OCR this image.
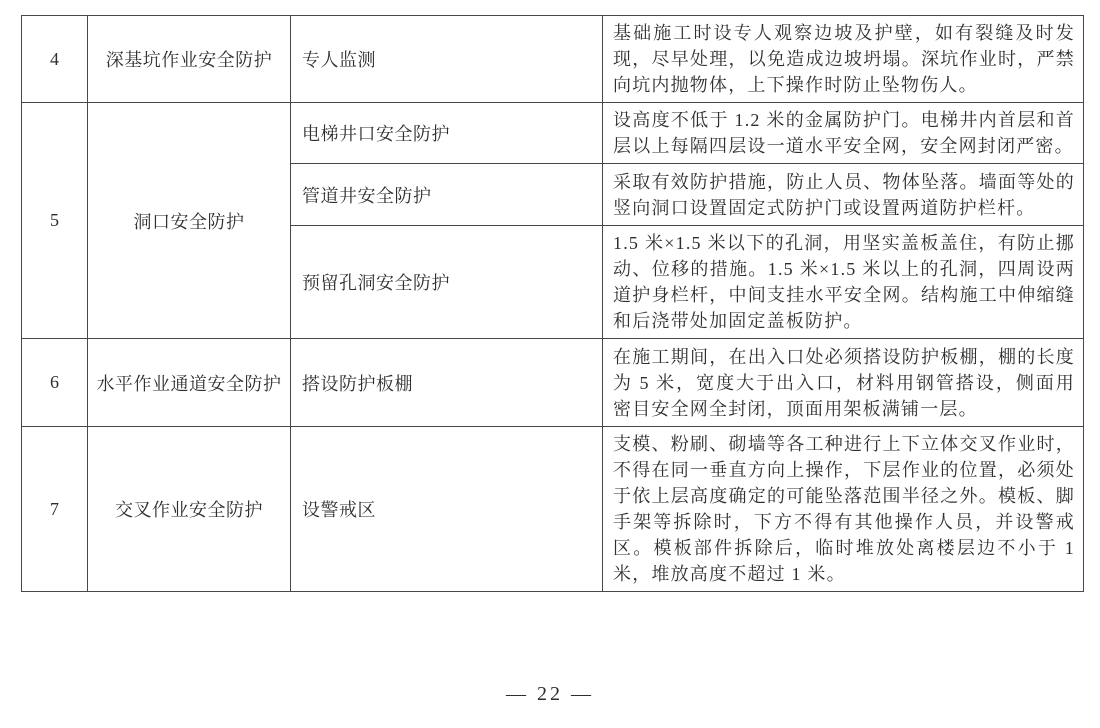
4	深基坑作业安全防护	专人监测	基础施工时设专人观察边坡及护壁，如有裂缝及时发现，尽早处理，以免造成边坡坍塌。深坑作业时，严禁向坑内抛物体，上下操作时防止坠物伤人。
5	洞口安全防护	电梯井口安全防护	设高度不低于 1.2 米的金属防护门。电梯井内首层和首层以上每隔四层设一道水平安全网，安全网封闭严密。
		管道井安全防护	采取有效防护措施，防止人员、物体坠落。墙面等处的竖向洞口设置固定式防护门或设置两道防护栏杆。
		预留孔洞安全防护	1.5 米×1.5 米以下的孔洞，用坚实盖板盖住，有防止挪动、位移的措施。1.5 米×1.5 米以上的孔洞，四周设两道护身栏杆，中间支挂水平安全网。结构施工中伸缩缝和后浇带处加固定盖板防护。
6	水平作业通道安全防护	搭设防护板棚	在施工期间，在出入口处必须搭设防护板棚，棚的长度为 5 米，宽度大于出入口，材料用钢管搭设，侧面用密目安全网全封闭，顶面用架板满铺一层。
7	交叉作业安全防护	设警戒区	支模、粉刷、砌墙等各工种进行上下立体交叉作业时，不得在同一垂直方向上操作，下层作业的位置，必须处于依上层高度确定的可能坠落范围半径之外。模板、脚手架等拆除时，下方不得有其他操作人员，并设警戒区。模板部件拆除后，临时堆放处离楼层边不小于 1 米，堆放高度不超过 1 米。
— 22 —
